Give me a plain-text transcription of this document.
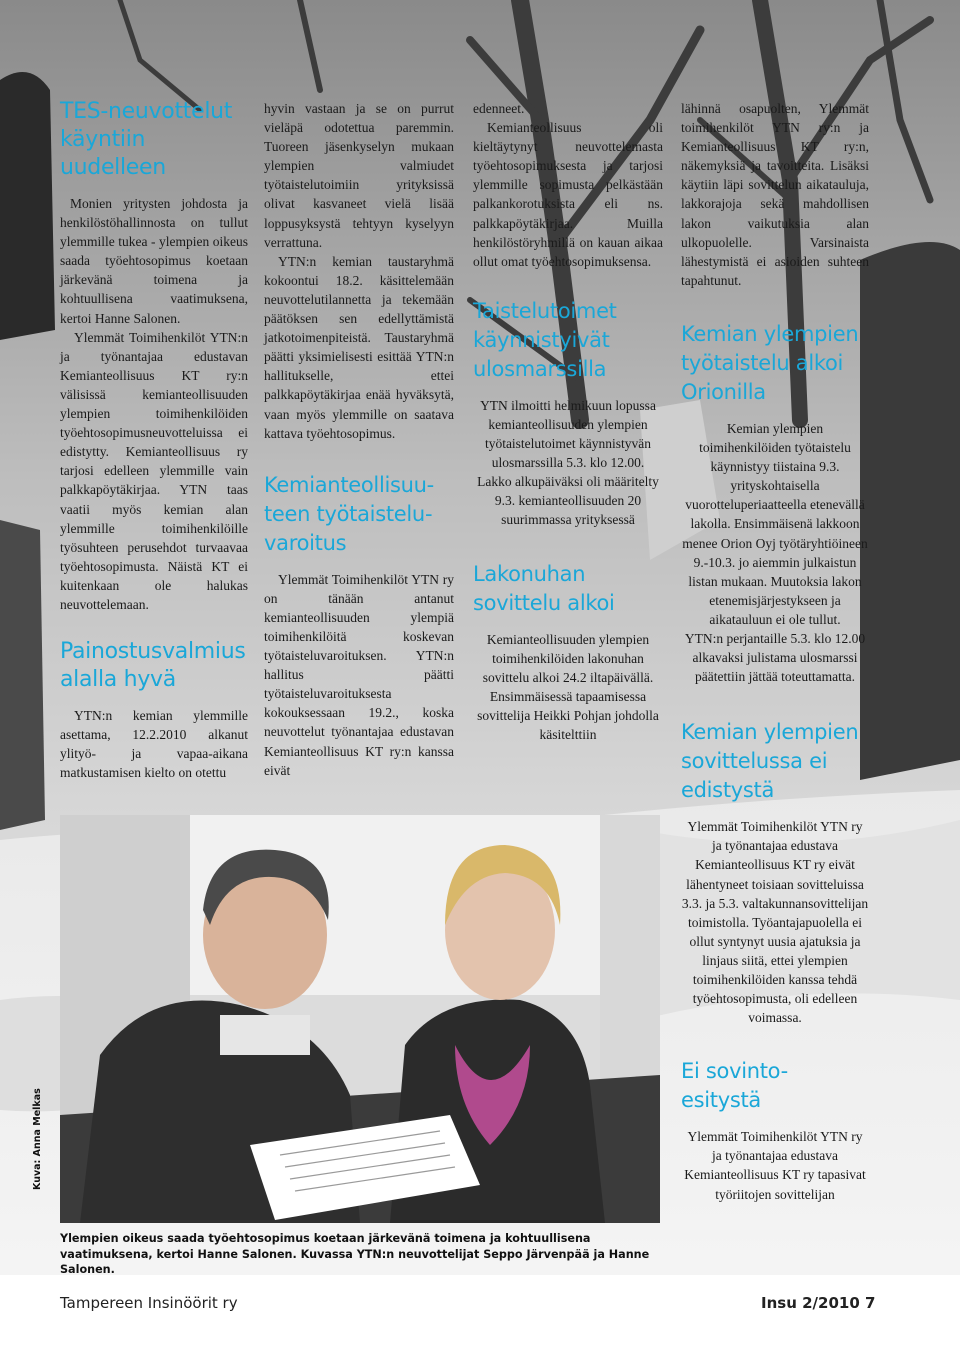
TES-neuvottelut
käyntiin
uudelleen

Monien yritysten johdosta ja henkilöstöhallinnosta on tullut ylemmille tukea - ylempien oikeus saada työehtosopimus koetaan järkevänä toimena ja kohtuullisena vaatimuksena, kertoi Hanne Salonen.

Ylemmät Toimihenkilöt YTN:n ja työnantajaa edustavan Kemianteollisuus KT ry:n välisissä kemianteollisuuden ylempien toimihenkilöiden työehtosopimusneuvotteluissa ei edistytty. Kemianteollisuus ry tarjosi edelleen ylemmille vain palkkapöytäkirjaa. YTN taas vaatii myös kemian alan ylemmille toimihenkilöille työsuhteen perusehdot turvaavaa työehtosopimusta. Näistä KT ei kuitenkaan ole halukas neuvottelemaan.

Painostusvalmius
alalla hyvä

YTN:n kemian ylemmille asettama, 12.2.2010 alkanut ylityö- ja vapaa-aikana matkustamisen kielto on otettu

hyvin vastaan ja se on purrut vieläpä odotettua paremmin. Tuoreen jäsenkyselyn mukaan ylempien valmiudet työtaistelutoimiin yrityksissä olivat kasvaneet vielä lisää loppusyksystä tehtyyn kyselyyn verrattuna.

YTN:n kemian taustaryhmä kokoontui 18.2. käsittelemään neuvottelutilannetta ja tekemään päätöksen sen edellyttämistä jatkotoimenpiteistä. Taustaryhmä päätti yksimielisesti esittää YTN:n hallitukselle, ettei palkkapöytäkirjaa enää hyväksytä, vaan myös ylemmille on saatava kattava työehtosopimus.

Kemianteollisuu-
teen työtaistelu-
varoitus

Ylemmät Toimihenkilöt YTN ry on tänään antanut kemianteollisuuden ylempiä toimihenkilöitä koskevan työtaisteluvaroituksen. YTN:n hallitus päätti työtaisteluvaroituksesta kokouksessaan 19.2., koska neuvottelut työnantajaa edustavan Kemianteollisuus KT ry:n kanssa eivät

edenneet.

Kemianteollisuus oli kieltäytynyt neuvottelemasta työehtosopimuksesta ja tarjosi ylemmille sopimusta pelkästään palkankorotuksista eli ns. palkkapöytäkirjaa. Muilla henkilöstöryhmillä on kauan aikaa ollut omat työehtosopimuksensa.

Taistelutoimet
käynnistyivät
ulosmarssilla

YTN ilmoitti helmikuun lopussa kemianteollisuuden ylempien työtaistelutoimet käynnistyvän ulosmarssilla 5.3. klo 12.00. Lakko alkupäiväksi oli määritelty 9.3. kemianteollisuuden 20 suurimmassa yrityksessä

Lakonuhan
sovittelu alkoi

Kemianteollisuuden ylempien toimihenkilöiden lakonuhan sovittelu alkoi 24.2 iltapäivällä. Ensimmäisessä tapaamisessa sovittelija Heikki Pohjan johdolla käsitelttiin

lähinnä osapuolten, Ylemmät toimihenkilöt YTN ry:n ja Kemianteollisuus KT ry:n, näkemyksiä ja tavoitteita. Lisäksi käytiin läpi sovittelun aikatauluja, lakkorajoja sekä mahdollisen lakon vaikutuksia alan ulkopuolelle. Varsinaista lähestymistä ei asioiden suhteen tapahtunut.

Kemian ylempien
työtaistelu alkoi
Orionilla

Kemian ylempien toimihenkilöiden työtaistelu käynnistyy tiistaina 9.3. yrityskohtaisella vuorotteluperiaatteella etenevällä lakolla. Ensimmäisenä lakkoon menee Orion Oyj työtäryhtiöineen 9.-10.3. jo aiemmin julkaistun listan mukaan. Muutoksia lakon etenemisjärjestykseen ja aikatauluun ei ole tullut.

YTN:n perjantaille 5.3. klo 12.00 alkavaksi julistama ulosmarssi päätettiin jättää toteuttamatta.

Kemian ylempien
sovittelussa ei
edistystä

Ylemmät Toimihenkilöt YTN ry ja työnantajaa edustava Kemianteollisuus KT ry eivät lähentyneet toisiaan sovitteluissa 3.3. ja 5.3. valtakunnansovittelijan toimistolla. Työantajapuolella ei ollut syntynyt uusia ajatuksia ja linjaus siitä, ettei ylempien toimihenkilöiden kanssa tehdä työehtosopimusta, oli edelleen voimassa.

Ei sovinto-
esitystä

Ylemmät Toimihenkilöt YTN ry ja työnantajaa edustava Kemianteollisuus KT ry tapasivat työriitojen sovittelijan

Kuva: Anna Melkas
Ylempien oikeus saada työehtosopimus koetaan järkevänä toimena ja kohtuullisena vaatimuksena, kertoi Hanne Salonen. Kuvassa YTN:n neuvottelijat Seppo Järvenpää ja Hanne Salonen.
Tampereen Insinöörit ry	Insu 2/2010 7
